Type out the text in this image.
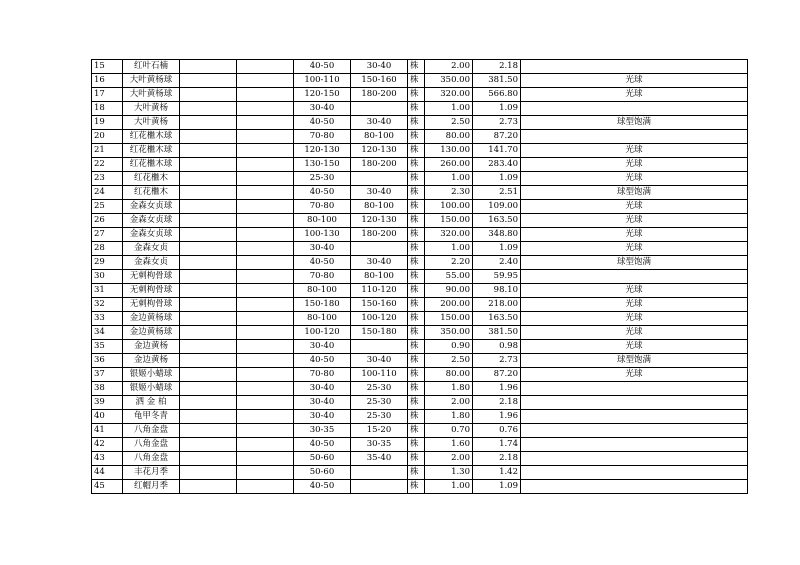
15	红叶石楠			40-50	30-40	株	2.00	2.18	
16	大叶黄杨球			100-110	150-160	株	350.00	381.50	光球
17	大叶黄杨球			120-150	180-200	株	320.00	566.80	光球
18	大叶黄杨			30-40		株	1.00	1.09	
19	大叶黄杨			40-50	30-40	株	2.50	2.73	球型饱满
20	红花檵木球			70-80	80-100	株	80.00	87.20	
21	红花檵木球			120-130	120-130	株	130.00	141.70	光球
22	红花檵木球			130-150	180-200	株	260.00	283.40	光球
23	红花檵木			25-30		株	1.00	1.09	光球
24	红花檵木			40-50	30-40	株	2.30	2.51	球型饱满
25	金森女贞球			70-80	80-100	株	100.00	109.00	光球
26	金森女贞球			80-100	120-130	株	150.00	163.50	光球
27	金森女贞球			100-130	180-200	株	320.00	348.80	光球
28	金森女贞			30-40		株	1.00	1.09	光球
29	金森女贞			40-50	30-40	株	2.20	2.40	球型饱满
30	无刺枸骨球			70-80	80-100	株	55.00	59.95	
31	无刺枸骨球			80-100	110-120	株	90.00	98.10	光球
32	无刺枸骨球			150-180	150-160	株	200.00	218.00	光球
33	金边黄杨球			80-100	100-120	株	150.00	163.50	光球
34	金边黄杨球			100-120	150-180	株	350.00	381.50	光球
35	金边黄杨			30-40		株	0.90	0.98	光球
36	金边黄杨			40-50	30-40	株	2.50	2.73	球型饱满
37	银姬小蜡球			70-80	100-110	株	80.00	87.20	光球
38	银姬小蜡球			30-40	25-30	株	1.80	1.96	
39	洒 金 柏			30-40	25-30	株	2.00	2.18	
40	龟甲冬青			30-40	25-30	株	1.80	1.96	
41	八角金盘			30-35	15-20	株	0.70	0.76	
42	八角金盘			40-50	30-35	株	1.60	1.74	
43	八角金盘			50-60	35-40	株	2.00	2.18	
44	丰花月季			50-60		株	1.30	1.42	
45	红帽月季			40-50		株	1.00	1.09	
